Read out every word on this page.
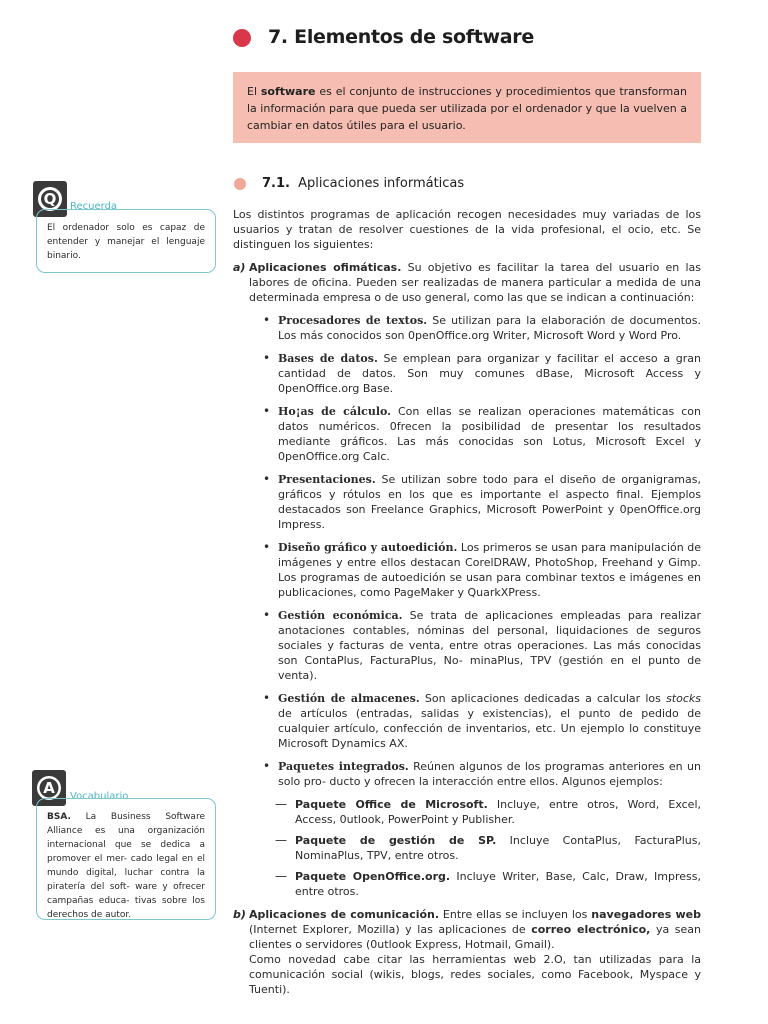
7. Elementos de software
El software es el conjunto de instrucciones y procedimientos que transforman la información para que pueda ser utilizada por el ordenador y que la vuelven a cambiar en datos útiles para el usuario.
7.1. Aplicaciones informáticas

Los distintos programas de aplicación recogen necesidades muy variadas de los usuarios y tratan de resolver cuestiones de la vida profesional, el ocio, etc. Se distinguen los siguientes:

a) Aplicaciones ofimáticas. Su objetivo es facilitar la tarea del usuario en las labores de oficina. Pueden ser realizadas de manera particular a medida de una determinada empresa o de uso general, como las que se indican a continuación:
• Procesadores de textos. Se utilizan para la elaboración de documentos. Los más conocidos son 0penOffice.org Writer, Microsoft Word y Word Pro.
• Bases de datos. Se emplean para organizar y facilitar el acceso a gran cantidad de datos. Son muy comunes dBase, Microsoft Access y 0penOffice.org Base.
• Ho¡as de cálculo. Con ellas se realizan operaciones matemáticas con datos numéricos. 0frecen la posibilidad de presentar los resultados mediante gráficos. Las más conocidas son Lotus, Microsoft Excel y 0penOffice.org Calc.
• Presentaciones. Se utilizan sobre todo para el diseño de organigramas, gráficos y rótulos en los que es importante el aspecto final. Ejemplos destacados son Freelance Graphics, Microsoft PowerPoint y 0penOffice.org Impress.
• Diseño gráfico y autoedición. Los primeros se usan para manipulación de imágenes y entre ellos destacan CorelDRAW, PhotoShop, Freehand y Gimp. Los programas de autoedición se usan para combinar textos e imágenes en publicaciones, como PageMaker y QuarkXPress.
• Gestión económica. Se trata de aplicaciones empleadas para realizar anotaciones contables, nóminas del personal, liquidaciones de seguros sociales y facturas de venta, entre otras operaciones. Las más conocidas son ContaPlus, FacturaPlus, No- minaPlus, TPV (gestión en el punto de venta).
• Gestión de almacenes. Son aplicaciones dedicadas a calcular los stocks de artículos (entradas, salidas y existencias), el punto de pedido de cualquier artículo, confección de inventarios, etc. Un ejemplo lo constituye Microsoft Dynamics AX.
• Paquetes integrados. Reúnen algunos de los programas anteriores en un solo pro- ducto y ofrecen la interacción entre ellos. Algunos ejemplos:
— Paquete Office de Microsoft. Incluye, entre otros, Word, Excel, Access, 0utlook, PowerPoint y Publisher.
— Paquete de gestión de SP. Incluye ContaPlus, FacturaPlus, NominaPlus, TPV, entre otros.
— Paquete OpenOffice.org. Incluye Writer, Base, Calc, Draw, Impress, entre otros.
b) Aplicaciones de comunicación. Entre ellas se incluyen los navegadores web (Internet Explorer, Mozilla) y las aplicaciones de correo electrónico, ya sean clientes o servidores (0utlook Express, Hotmail, Gmail).

Como novedad cabe citar las herramientas web 2.O, tan utilizadas para la comunicación social (wikis, blogs, redes sociales, como Facebook, Myspace y Tuenti).

Q	Recuerda
El ordenador solo es capaz de entender y manejar el lenguaje binario.
A	Vocabulario
BSA. La Business Software Alliance es una organización internacional que se dedica a promover el mer- cado legal en el mundo digital, luchar contra la piratería del soft- ware y ofrecer campañas educa- tivas sobre los derechos de autor.
